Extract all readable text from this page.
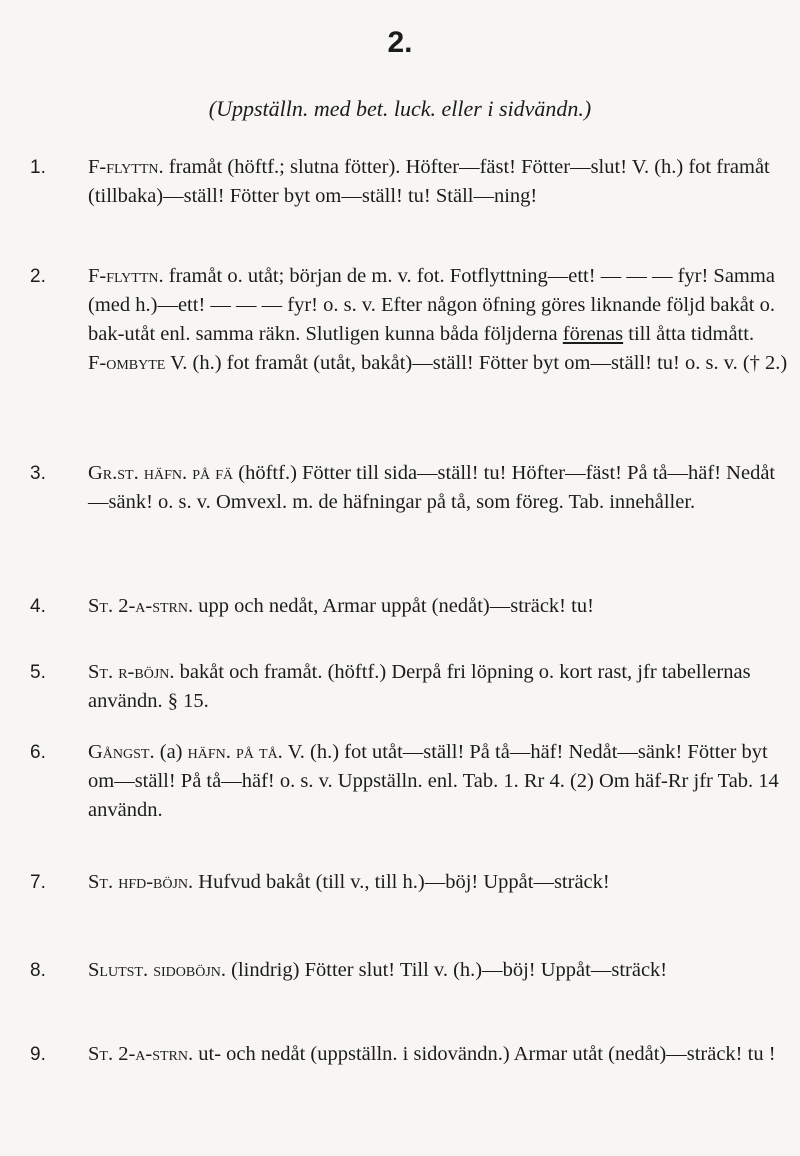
2.
(Uppställn. med bet. luck. eller i sidvändn.)
1.	F-flyttn. framåt (höftf.; slutna fötter). Höfter—fäst! Fötter—slut! V. (h.) fot framåt (tillbaka)—ställ! Fötter byt om—ställ! tu! Ställ—ning!

2.	F-flyttn. framåt o. utåt; början de m. v. fot. Fotflyttning—ett! — — — fyr! Samma (med h.)—ett! — — — fyr! o. s. v. Efter någon öfning göres liknande följd bakåt o. bak-utåt enl. samma räkn. Slutligen kunna båda följderna förenas till åtta tidmått.

F-ombyte V. (h.) fot framåt (utåt, bakåt)—ställ! Fötter byt om—ställ! tu! o. s. v. († 2.)

3.	Gr.st. häfn. på fä (höftf.) Fötter till sida—ställ! tu! Höfter—fäst! På tå—häf! Nedåt—sänk! o. s. v. Omvexl. m. de häfningar på tå, som föreg. Tab. innehåller.

4.	St. 2-a-strn. upp och nedåt, Armar uppåt (nedåt)—sträck! tu!

5.	St. r-böjn. bakåt och framåt. (höftf.) Derpå fri löpning o. kort rast, jfr tabellernas användn. § 15.

6.	Gångst. (a) häfn. på tå. V. (h.) fot utåt—ställ! På tå—häf! Nedåt—sänk! Fötter byt om—ställ! På tå—häf! o. s. v. Uppställn. enl. Tab. 1. Rr 4. (2) Om häf-Rr jfr Tab. 14 användn.

7.	St. hfd-böjn. Hufvud bakåt (till v., till h.)—böj! Uppåt—sträck!

8.	Slutst. sidoböjn. (lindrig) Fötter slut! Till v. (h.)—böj! Uppåt—sträck!

9.	St. 2-a-strn. ut- och nedåt (uppställn. i sidovändn.) Armar utåt (nedåt)—sträck! tu !
